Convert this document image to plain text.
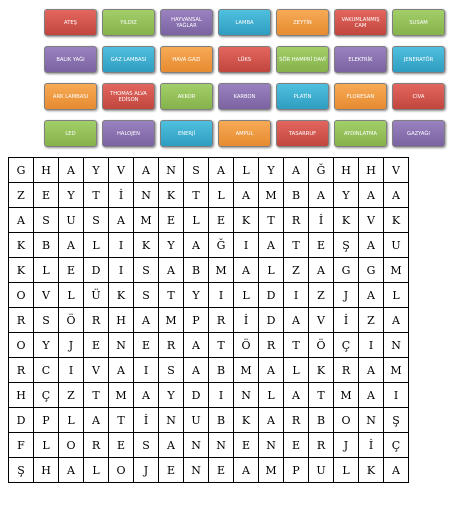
ATEŞ	YILDIZ	HAYVANSAL YAĞLAR	LAMBA	ZEYTİN	VAKUMLANMIŞ CAM	SUSAM
BALIK YAĞI	GAZ LAMBASI	HAVA GAZI	LÜKS	SÖR HAMPRİ DAVİ	ELEKTRİK	JENERATÖR
ARK LAMBASI	THOMAS ALVA EDİSON	AKKOR	KARBON	PLATİN	FLORESAN	CIVA
LED	HALOJEN	ENERJİ	AMPUL	TASARRUF	AYDINLATMA	GAZYAĞI
G	H	A	Y	V	A	N	S	A	L	Y	A	Ğ	H	H	V
Z	E	Y	T	İ	N	K	T	L	A	M	B	A	Y	A	A
A	S	U	S	A	M	E	L	E	K	T	R	İ	K	V	K
K	B	A	L	I	K	Y	A	Ğ	I	A	T	E	Ş	A	U
K	L	E	D	I	S	A	B	M	A	L	Z	A	G	G	M
O	V	L	Ü	K	S	T	Y	I	L	D	I	Z	J	A	L
R	S	Ö	R	H	A	M	P	R	İ	D	A	V	İ	Z	A
O	Y	J	E	N	E	R	A	T	Ö	R	T	Ö	Ç	I	N
R	C	I	V	A	I	S	A	B	M	A	L	K	R	A	M
H	Ç	Z	T	M	A	Y	D	I	N	L	A	T	M	A	I
D	P	L	A	T	İ	N	U	B	K	A	R	B	O	N	Ş
F	L	O	R	E	S	A	N	N	E	N	E	R	J	İ	Ç
Ş	H	A	L	O	J	E	N	E	A	M	P	U	L	K	A
